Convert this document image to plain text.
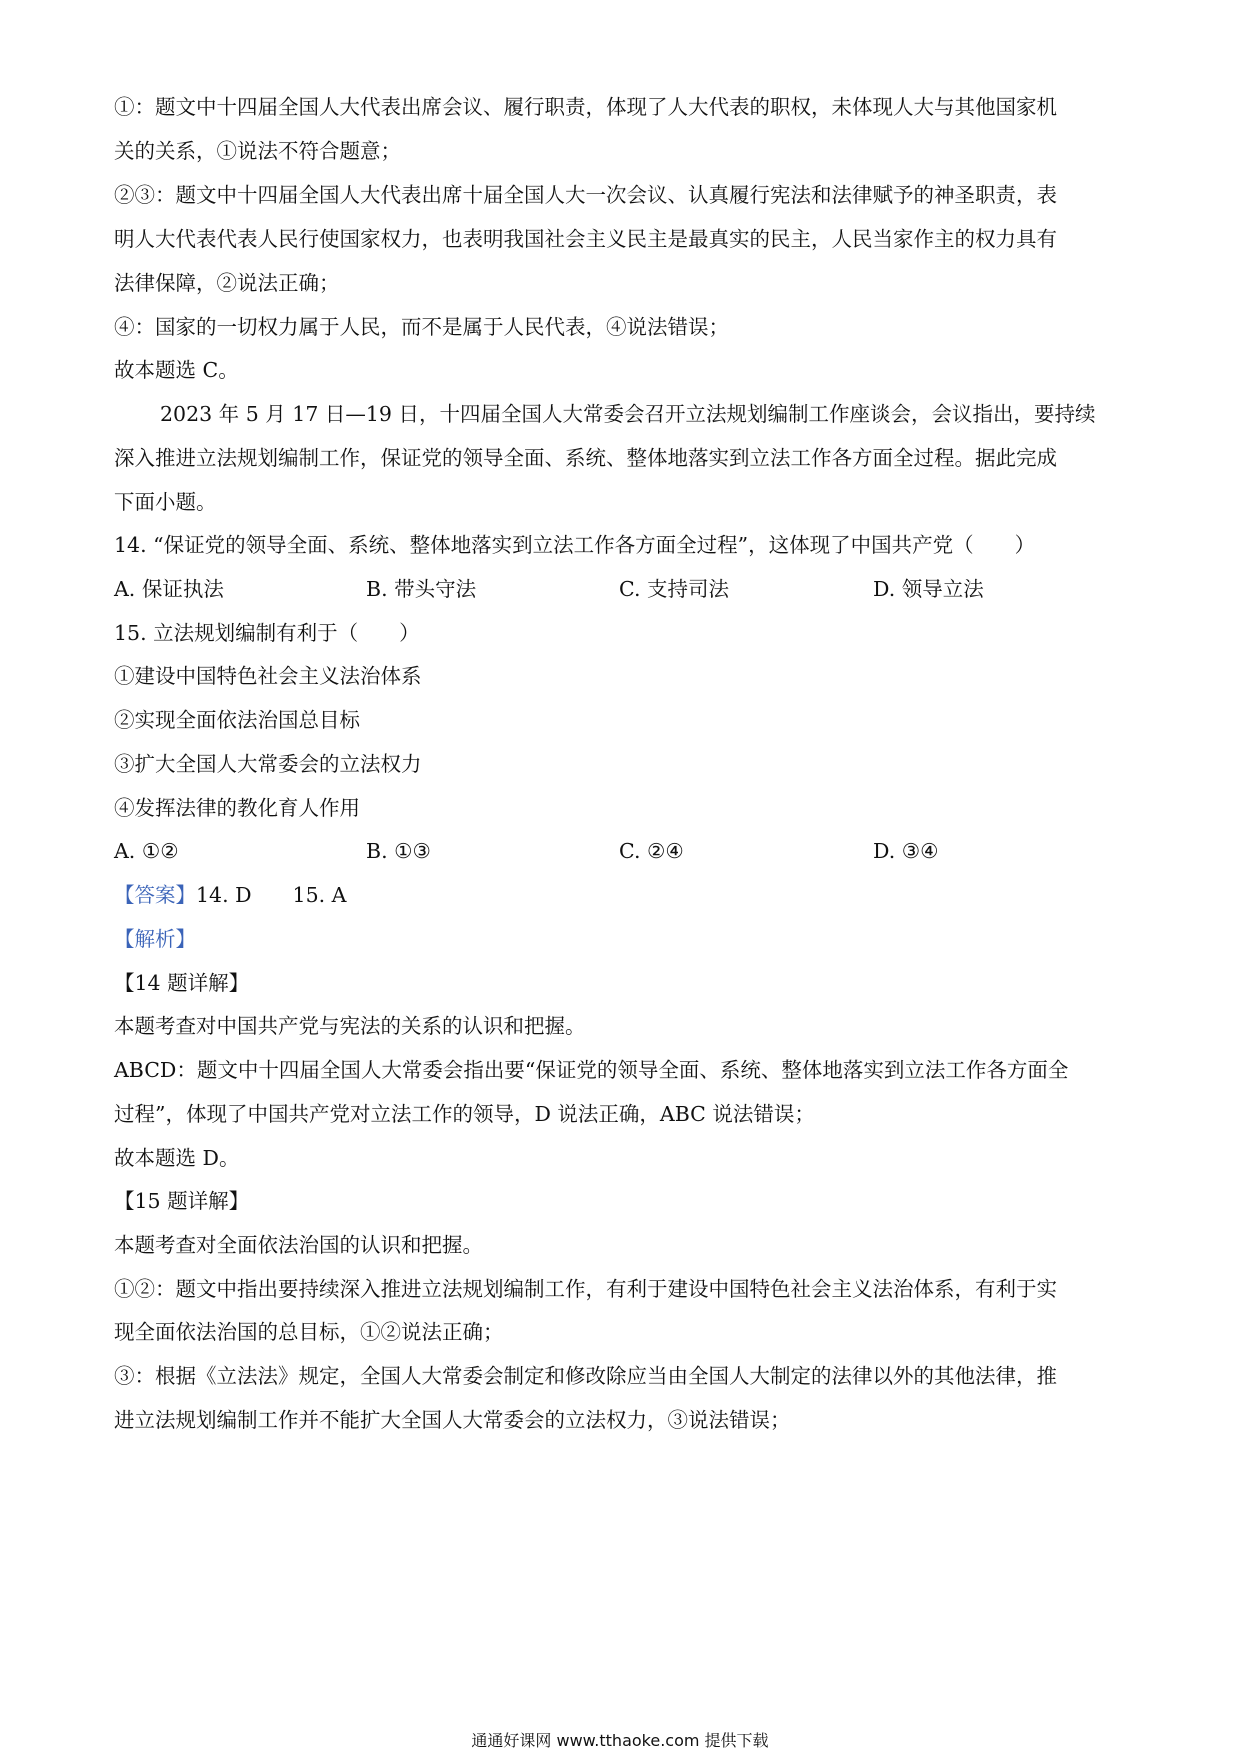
①：题文中十四届全国人大代表出席会议、履行职责，体现了人大代表的职权，未体现人大与其他国家机
关的关系，①说法不符合题意；
②③：题文中十四届全国人大代表出席十届全国人大一次会议、认真履行宪法和法律赋予的神圣职责，表
明人大代表代表人民行使国家权力，也表明我国社会主义民主是最真实的民主，人民当家作主的权力具有
法律保障，②说法正确；
④：国家的一切权力属于人民，而不是属于人民代表，④说法错误；
故本题选 C。
2023 年 5 月 17 日—19 日，十四届全国人大常委会召开立法规划编制工作座谈会，会议指出，要持续
深入推进立法规划编制工作，保证党的领导全面、系统、整体地落实到立法工作各方面全过程。据此完成
下面小题。
14. “保证党的领导全面、系统、整体地落实到立法工作各方面全过程”，这体现了中国共产党（　　）
A. 保证执法	B. 带头守法	C. 支持司法	D. 领导立法
15. 立法规划编制有利于（　　）
①建设中国特色社会主义法治体系
②实现全面依法治国总目标
③扩大全国人大常委会的立法权力
④发挥法律的教化育人作用
A. ①②	B. ①③	C. ②④	D. ③④
【答案】14. D　　15. A
【解析】
【14 题详解】
本题考查对中国共产党与宪法的关系的认识和把握。
ABCD：题文中十四届全国人大常委会指出要“保证党的领导全面、系统、整体地落实到立法工作各方面全
过程”，体现了中国共产党对立法工作的领导，D 说法正确，ABC 说法错误；
故本题选 D。
【15 题详解】
本题考查对全面依法治国的认识和把握。
①②：题文中指出要持续深入推进立法规划编制工作，有利于建设中国特色社会主义法治体系，有利于实
现全面依法治国的总目标，①②说法正确；
③：根据《立法法》规定，全国人大常委会制定和修改除应当由全国人大制定的法律以外的其他法律，推
进立法规划编制工作并不能扩大全国人大常委会的立法权力，③说法错误；
通通好课网 www.tthaoke.com 提供下载
